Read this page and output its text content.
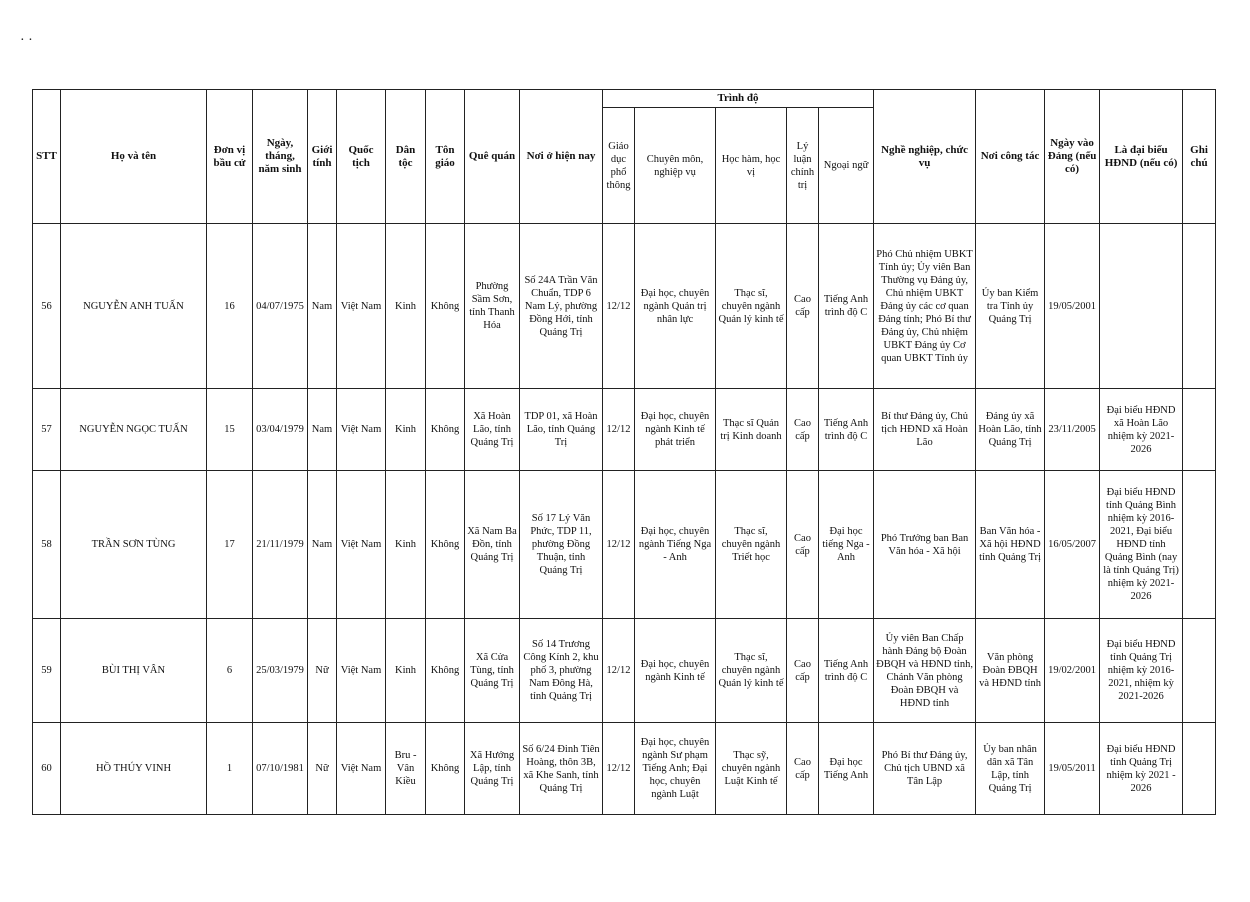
· ·
STT	Họ và tên	Đơn vị bầu cử	Ngày, tháng, năm sinh	Giới tính	Quốc tịch	Dân tộc	Tôn giáo	Quê quán	Nơi ở hiện nay	Trình độ					Nghề nghiệp, chức vụ	Nơi công tác	Ngày vào Đảng (nếu có)	Là đại biểu HĐND (nếu có)	Ghi chú
										Giáo dục phổ thông	Chuyên môn, nghiệp vụ	Học hàm, học vị	Lý luận chính trị	Ngoại ngữ					
56	NGUYỄN ANH TUẤN	16	04/07/1975	Nam	Việt Nam	Kinh	Không	Phường Sầm Sơn, tỉnh Thanh Hóa	Số 24A Trần Văn Chuẩn, TDP 6 Nam Lý, phường Đồng Hới, tỉnh Quảng Trị	12/12	Đại học, chuyên ngành Quản trị nhân lực	Thạc sĩ, chuyên ngành Quản lý kinh tế	Cao cấp	Tiếng Anh trình độ C	Phó Chủ nhiệm UBKT Tỉnh ủy; Ủy viên Ban Thường vụ Đảng ủy, Chủ nhiệm UBKT Đảng ủy các cơ quan Đảng tỉnh; Phó Bí thư Đảng ủy, Chủ nhiệm UBKT Đảng ủy Cơ quan UBKT Tỉnh ủy	Ủy ban Kiểm tra Tỉnh ủy Quảng Trị	19/05/2001		
57	NGUYỄN NGỌC TUẤN	15	03/04/1979	Nam	Việt Nam	Kinh	Không	Xã Hoàn Lão, tỉnh Quảng Trị	TDP 01, xã Hoàn Lão, tỉnh Quảng Trị	12/12	Đại học, chuyên ngành Kinh tế phát triển	Thạc sĩ Quản trị Kinh doanh	Cao cấp	Tiếng Anh trình độ C	Bí thư Đảng ủy, Chủ tịch HĐND xã Hoàn Lão	Đảng ủy xã Hoàn Lão, tỉnh Quảng Trị	23/11/2005	Đại biểu HĐND xã Hoàn Lão nhiệm kỳ 2021-2026	
58	TRẦN SƠN TÙNG	17	21/11/1979	Nam	Việt Nam	Kinh	Không	Xã Nam Ba Đồn, tỉnh Quảng Trị	Số 17 Lý Văn Phức, TDP 11, phường Đồng Thuận, tỉnh Quảng Trị	12/12	Đại học, chuyên ngành Tiếng Nga - Anh	Thạc sĩ, chuyên ngành Triết học	Cao cấp	Đại học tiếng Nga - Anh	Phó Trưởng ban Ban Văn hóa - Xã hội	Ban Văn hóa - Xã hội HĐND tỉnh Quảng Trị	16/05/2007	Đại biểu HĐND tỉnh Quảng Bình nhiệm kỳ 2016-2021, Đại biểu HĐND tỉnh Quảng Bình (nay là tỉnh Quảng Trị) nhiệm kỳ 2021-2026	
59	BÙI THỊ VÂN	6	25/03/1979	Nữ	Việt Nam	Kinh	Không	Xã Cửa Tùng, tỉnh Quảng Trị	Số 14 Trương Công Kính 2, khu phố 3, phường Nam Đông Hà, tỉnh Quảng Trị	12/12	Đại học, chuyên ngành Kinh tế	Thạc sĩ, chuyên ngành Quản lý kinh tế	Cao cấp	Tiếng Anh trình độ C	Ủy viên Ban Chấp hành Đảng bộ Đoàn ĐBQH và HĐND tỉnh, Chánh Văn phòng Đoàn ĐBQH và HĐND tỉnh	Văn phòng Đoàn ĐBQH và HĐND tỉnh	19/02/2001	Đại biểu HĐND tỉnh Quảng Trị nhiệm kỳ 2016-2021, nhiệm kỳ 2021-2026	
60	HỒ THÚY VINH	1	07/10/1981	Nữ	Việt Nam	Bru - Vân Kiều	Không	Xã Hướng Lập, tỉnh Quảng Trị	Số 6/24 Đinh Tiên Hoàng, thôn 3B, xã Khe Sanh, tỉnh Quảng Trị	12/12	Đại học, chuyên ngành Sư phạm Tiếng Anh; Đại học, chuyên ngành Luật	Thạc sỹ, chuyên ngành Luật Kinh tế	Cao cấp	Đại học Tiếng Anh	Phó Bí thư Đảng ủy, Chủ tịch UBND xã Tân Lập	Ủy ban nhân dân xã Tân Lập, tỉnh Quảng Trị	19/05/2011	Đại biểu HĐND tỉnh Quảng Trị nhiệm kỳ 2021 - 2026	
